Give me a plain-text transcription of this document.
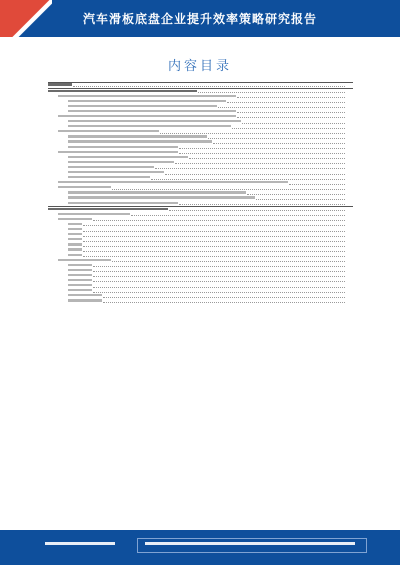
汽车滑板底盘企业提升效率策略研究报告
内容目录
